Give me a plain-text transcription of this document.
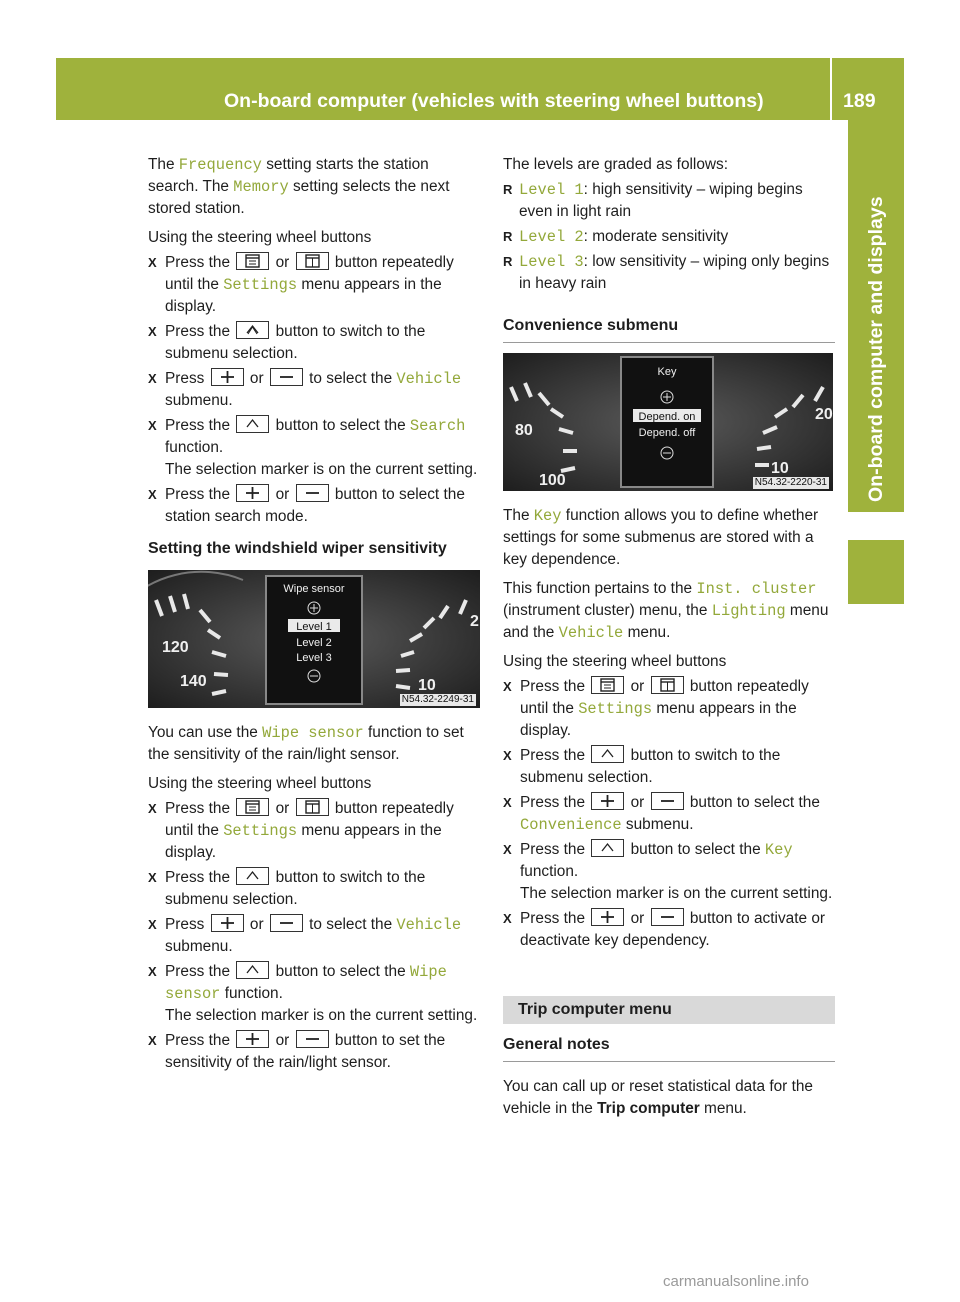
On-board computer (vehicles with steering wheel buttons)	189
On-board computer and displays

The Frequency setting starts the station search. The Memory setting selects the next stored station.

Using the steering wheel buttons

X Press the
or
button repeatedly until the Settings menu appears in the display.

X Press the
button to switch to the submenu selection.

X Press
or
to select the Vehicle submenu.

X Press the
button to select the Search function.
The selection marker is on the current setting.

X Press the
or
button to select the station search mode.

Setting the windshield wiper sensitivity

120
140
Wipe sensor
Level 1
Level 2
Level 3
2
10
N54.32-2249-31

You can use the Wipe sensor function to set the sensitivity of the rain/light sensor.

Using the steering wheel buttons

X Press the
or
button repeatedly until the Settings menu appears in the display.

X Press the
button to switch to the submenu selection.

X Press
or
to select the Vehicle submenu.

X Press the
button to select the Wipe sensor function.
The selection marker is on the current setting.

X Press the
or
button to set the sensitivity of the rain/light sensor.

The levels are graded as follows:

R Level 1: high sensitivity – wiping begins even in light rain

R Level 2: moderate sensitivity

R Level 3: low sensitivity – wiping only begins in heavy rain

Convenience submenu

80
100
Key
Depend. on
Depend. off
20
10
N54.32-2220-31

The Key function allows you to define whether settings for some submenus are stored with a key dependence.

This function pertains to the Inst. cluster (instrument cluster) menu, the Lighting menu and the Vehicle menu.

Using the steering wheel buttons

X Press the
or
button repeatedly until the Settings menu appears in the display.

X Press the
button to switch to the submenu selection.

X Press the
or
button to select the Convenience submenu.

X Press the
button to select the Key
function.
The selection marker is on the current setting.

X Press the
or
button to activate or deactivate key dependency.

Trip computer menu

General notes

You can call up or reset statistical data for the vehicle in the Trip computer menu.

carmanualsonline.info
